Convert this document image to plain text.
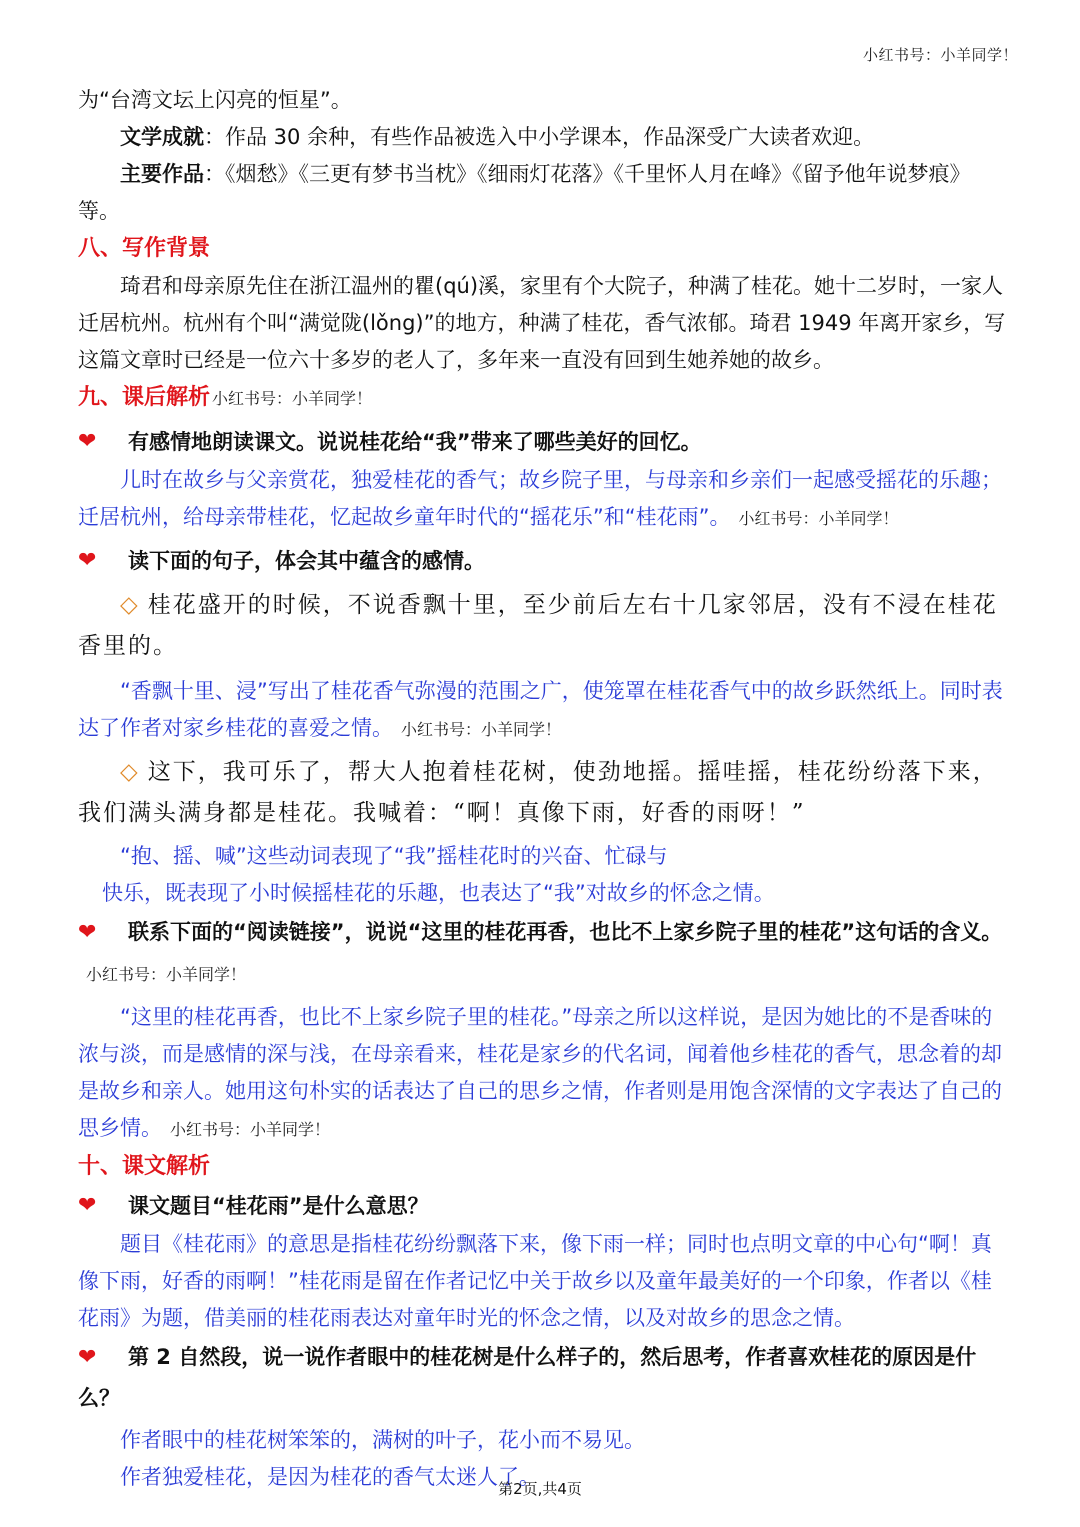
小红书号：小羊同学！

为“台湾文坛上闪亮的恒星”。

文学成就：作品 30 余种，有些作品被选入中小学课本，作品深受广大读者欢迎。

主要作品：《烟愁》《三更有梦书当枕》《细雨灯花落》《千里怀人月在峰》《留予他年说梦痕》等。

八、写作背景

琦君和母亲原先住在浙江温州的瞿(qú)溪，家里有个大院子，种满了桂花。她十二岁时，一家人迁居杭州。杭州有个叫“满觉陇(lǒng)”的地方，种满了桂花，香气浓郁。琦君 1949 年离开家乡，写这篇文章时已经是一位六十多岁的老人了，多年来一直没有回到生她养她的故乡。

九、课后解析 小红书号：小羊同学！

❤	有感情地朗读课文。说说桂花给“我”带来了哪些美好的回忆。

儿时在故乡与父亲赏花，独爱桂花的香气；故乡院子里，与母亲和乡亲们一起感受摇花的乐趣；迁居杭州，给母亲带桂花，忆起故乡童年时代的“摇花乐”和“桂花雨”。 小红书号：小羊同学！

❤	读下面的句子，体会其中蕴含的感情。

◇ 桂花盛开的时候，不说香飘十里，至少前后左右十几家邻居，没有不浸在桂花香里的。

“香飘十里、浸”写出了桂花香气弥漫的范围之广，使笼罩在桂花香气中的故乡跃然纸上。同时表达了作者对家乡桂花的喜爱之情。 小红书号：小羊同学！

◇ 这下，我可乐了，帮大人抱着桂花树，使劲地摇。摇哇摇，桂花纷纷落下来，我们满头满身都是桂花。我喊着：“啊！真像下雨，好香的雨呀！”

“抱、摇、喊”这些动词表现了“我”摇桂花时的兴奋、忙碌与

快乐，既表现了小时候摇桂花的乐趣，也表达了“我”对故乡的怀念之情。

❤ 联系下面的“阅读链接”，说说“这里的桂花再香，也比不上家乡院子里的桂花”这句话的含义。小红书号：小羊同学！

“这里的桂花再香，也比不上家乡院子里的桂花。”母亲之所以这样说，是因为她比的不是香味的浓与淡，而是感情的深与浅，在母亲看来，桂花是家乡的代名词，闻着他乡桂花的香气，思念着的却是故乡和亲人。她用这句朴实的话表达了自己的思乡之情，作者则是用饱含深情的文字表达了自己的思乡情。 小红书号：小羊同学！

十、课文解析

❤	课文题目“桂花雨”是什么意思？

题目《桂花雨》的意思是指桂花纷纷飘落下来，像下雨一样；同时也点明文章的中心句“啊！真像下雨，好香的雨啊！”桂花雨是留在作者记忆中关于故乡以及童年最美好的一个印象，作者以《桂花雨》为题，借美丽的桂花雨表达对童年时光的怀念之情，以及对故乡的思念之情。

❤ 第 2 自然段，说一说作者眼中的桂花树是什么样子的，然后思考，作者喜欢桂花的原因是什么？

作者眼中的桂花树笨笨的，满树的叶子，花小而不易见。

作者独爱桂花，是因为桂花的香气太迷人了。

第2页,共4页
